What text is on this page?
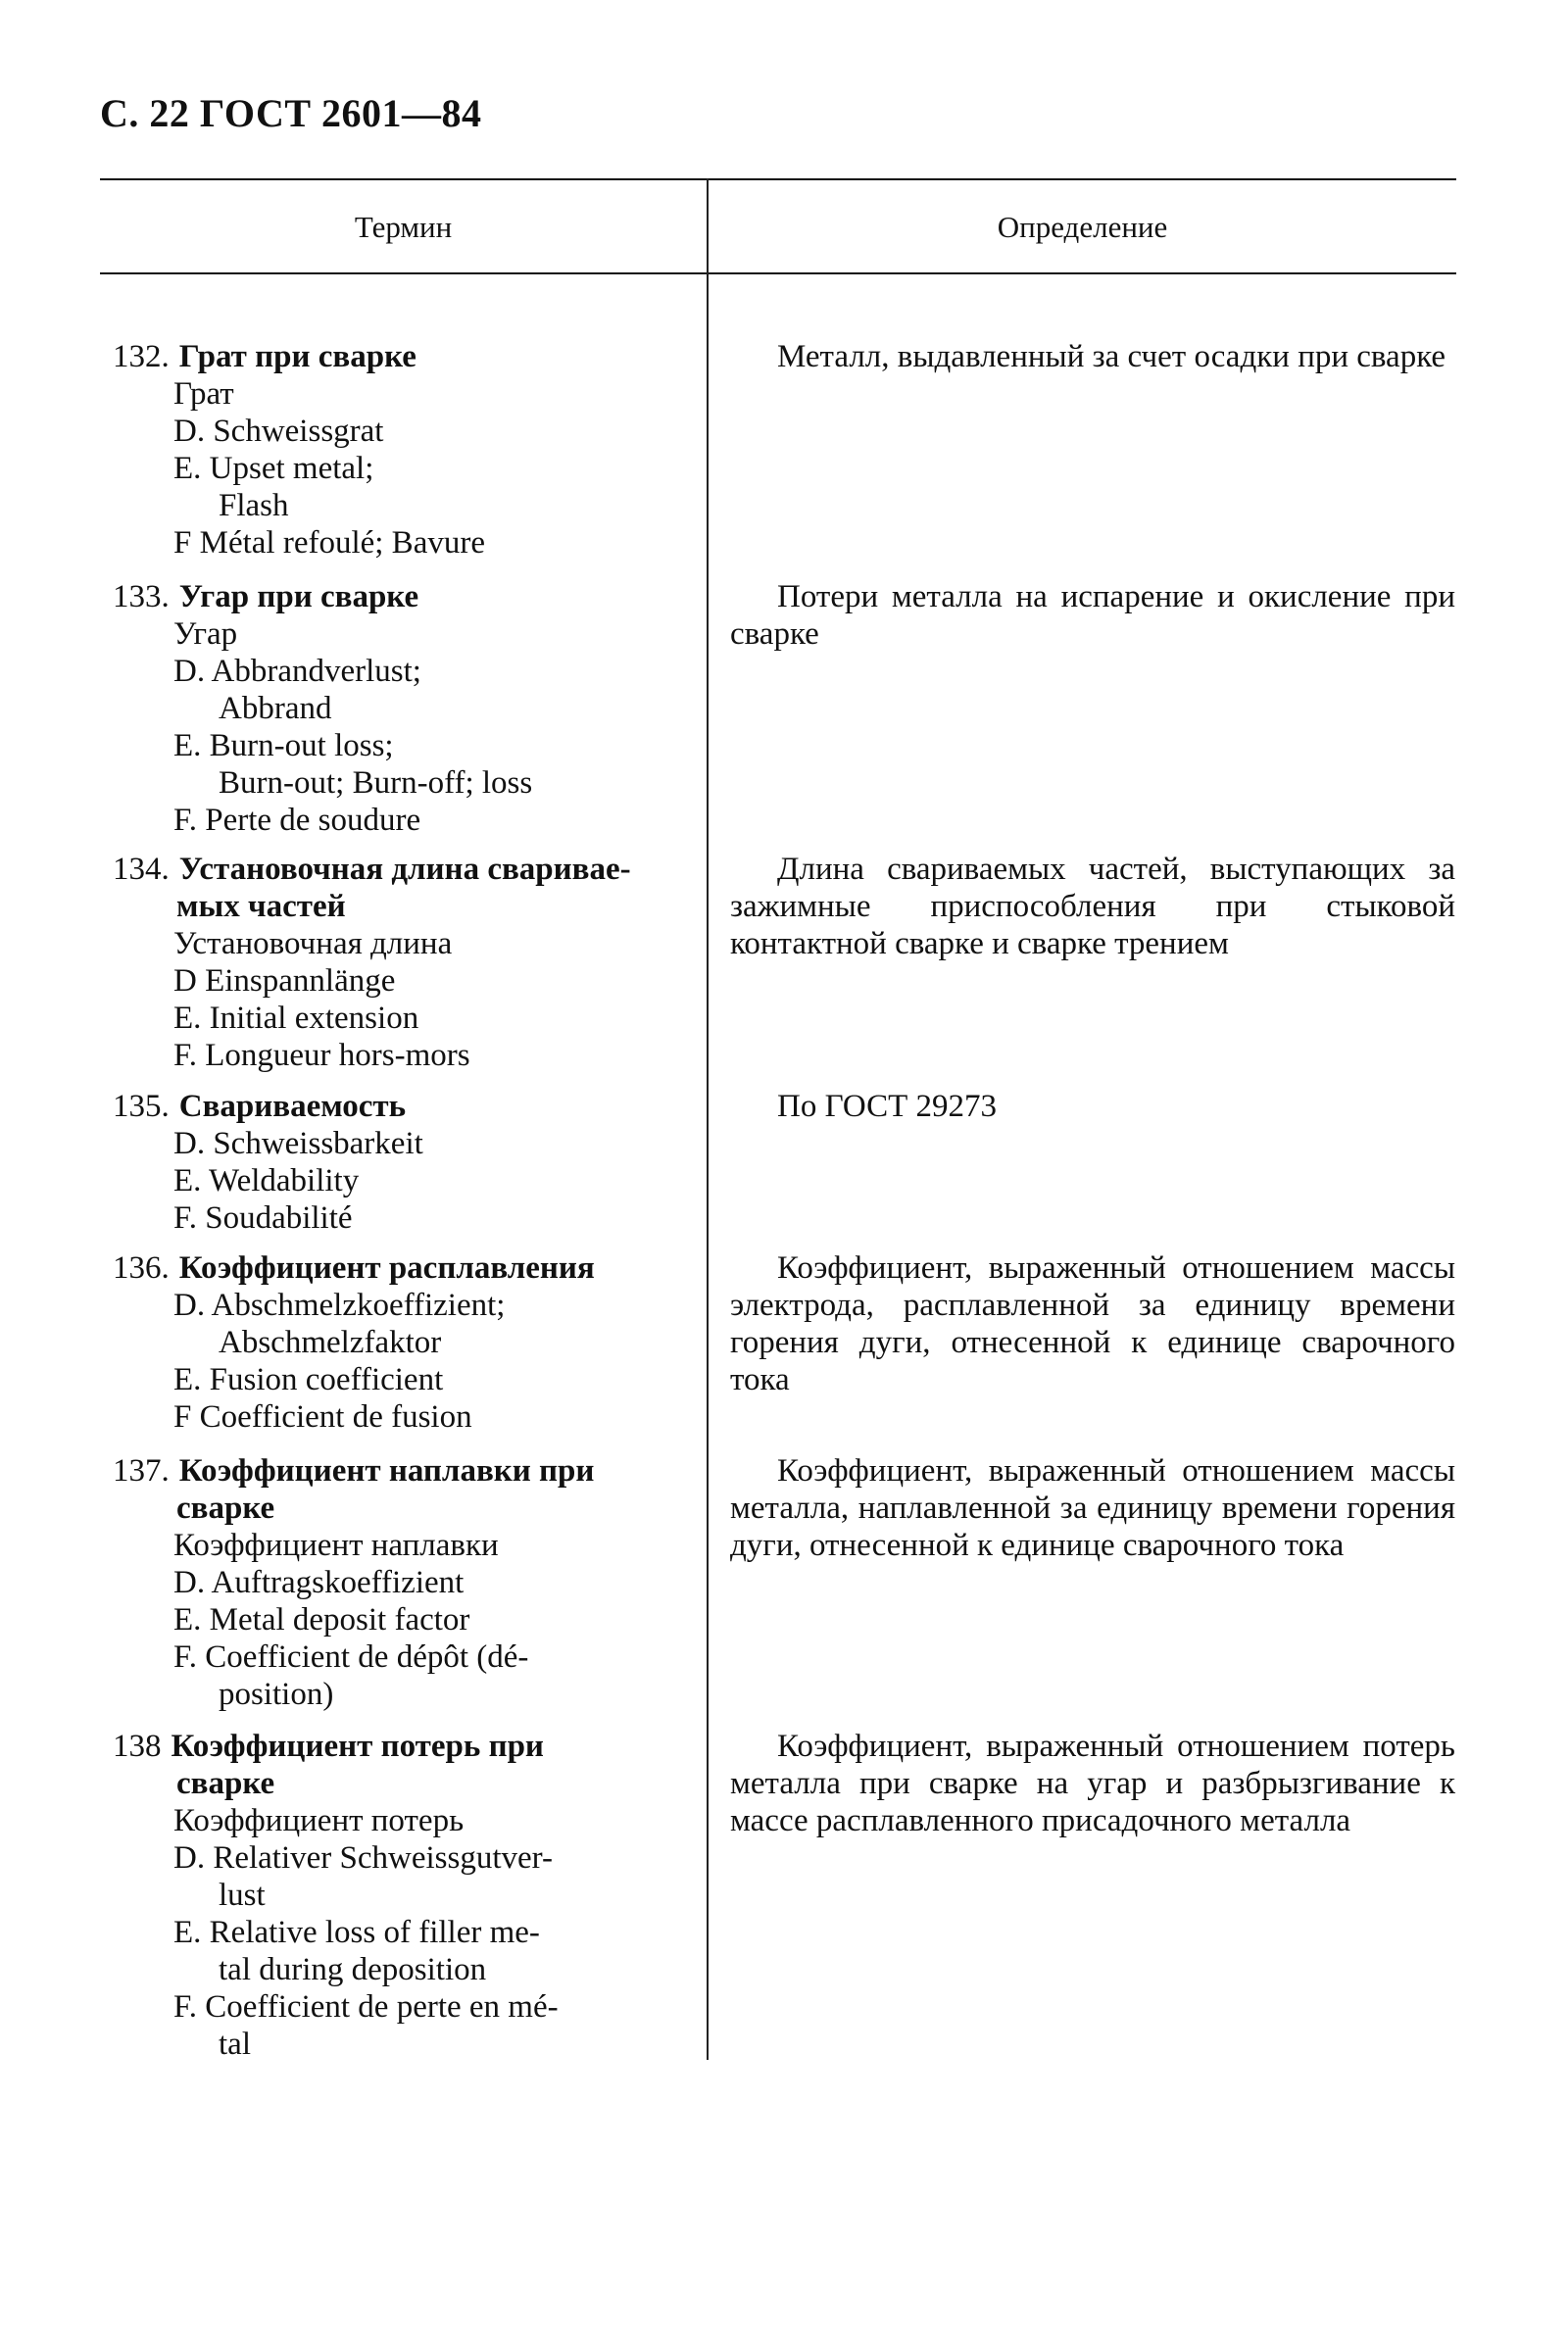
С. 22 ГОСТ 2601—84
Термин	Определение
132. Грат при сварке
Грат
D. Schweissgrat
E. Upset metal;
Flash
F Métal refoulé; Bavure
Металл, выдавленный за счет осадки при сварке
133. Угар при сварке
Угар
D. Abbrandverlust;
Abbrand
E. Burn-out loss;
Burn-out; Burn-off; loss
F. Perte de soudure
Потери металла на испарение и окисление при сварке
134. Установочная длина сваривае-
мых частей
Установочная длина
D Einspannlänge
E. Initial extension
F. Longueur hors-mors
Длина свариваемых частей, выступающих за зажимные приспособления при стыковой контактной сварке и сварке трением
135. Свариваемость
D. Schweissbarkeit
E. Weldability
F. Soudabilité
По ГОСТ 29273
136. Коэффициент расплавления
D. Abschmelzkoeffizient;
Abschmelzfaktor
E. Fusion coefficient
F Coefficient de fusion
Коэффициент, выраженный отношением массы электрода, расплавленной за единицу времени горения дуги, отнесенной к единице сварочного тока
137. Коэффициент наплавки при
сварке
Коэффициент наплавки
D. Auftragskoeffizient
E. Metal deposit factor
F. Coefficient de dépôt (dé-
position)
Коэффициент, выраженный отношением массы металла, наплавленной за единицу времени горения дуги, отнесенной к единице сварочного тока
138 Коэффициент потерь при
сварке
Коэффициент потерь
D. Relativer Schweissgutver-
lust
E. Relative loss of filler me-
tal during deposition
F. Coefficient de perte en mé-
tal
Коэффициент, выраженный отношением потерь металла при сварке на угар и разбрызгивание к массе расплавленного присадочного металла
